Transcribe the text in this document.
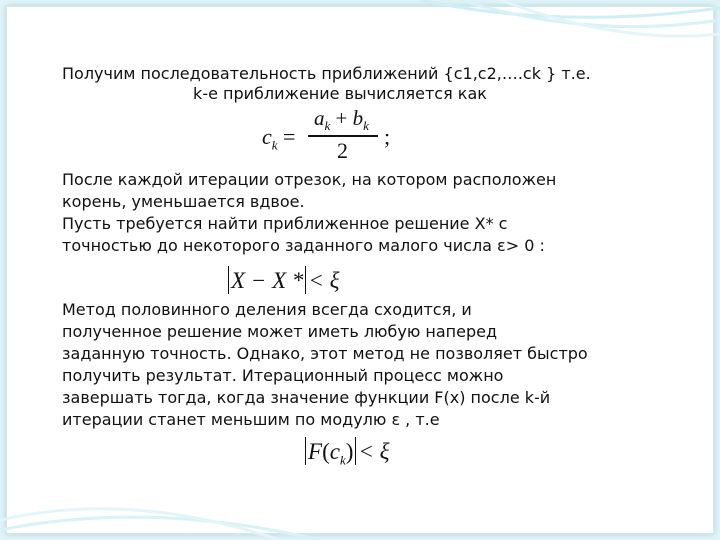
Получим последовательность приближений {c1,c2,….ck } т.е.

k-е приближение вычисляется как

$c_k$ =
$a_k + b_k$
2
;

После каждой итерации отрезок, на котором расположен

корень, уменьшается вдвое.

Пусть требуется найти приближенное решение X* с

точностью до некоторого заданного малого числа ε> 0 :

X − X * < ξ

Метод половинного деления всегда сходится, и

полученное решение может иметь любую наперед

заданную точность. Однако, этот метод не позволяет быстро

получить результат. Итерационный процесс можно

завершать тогда, когда значение функции F(x) после k-й

итерации станет меньшим по модулю ε , т.е

$F(c_k) < \xi$
